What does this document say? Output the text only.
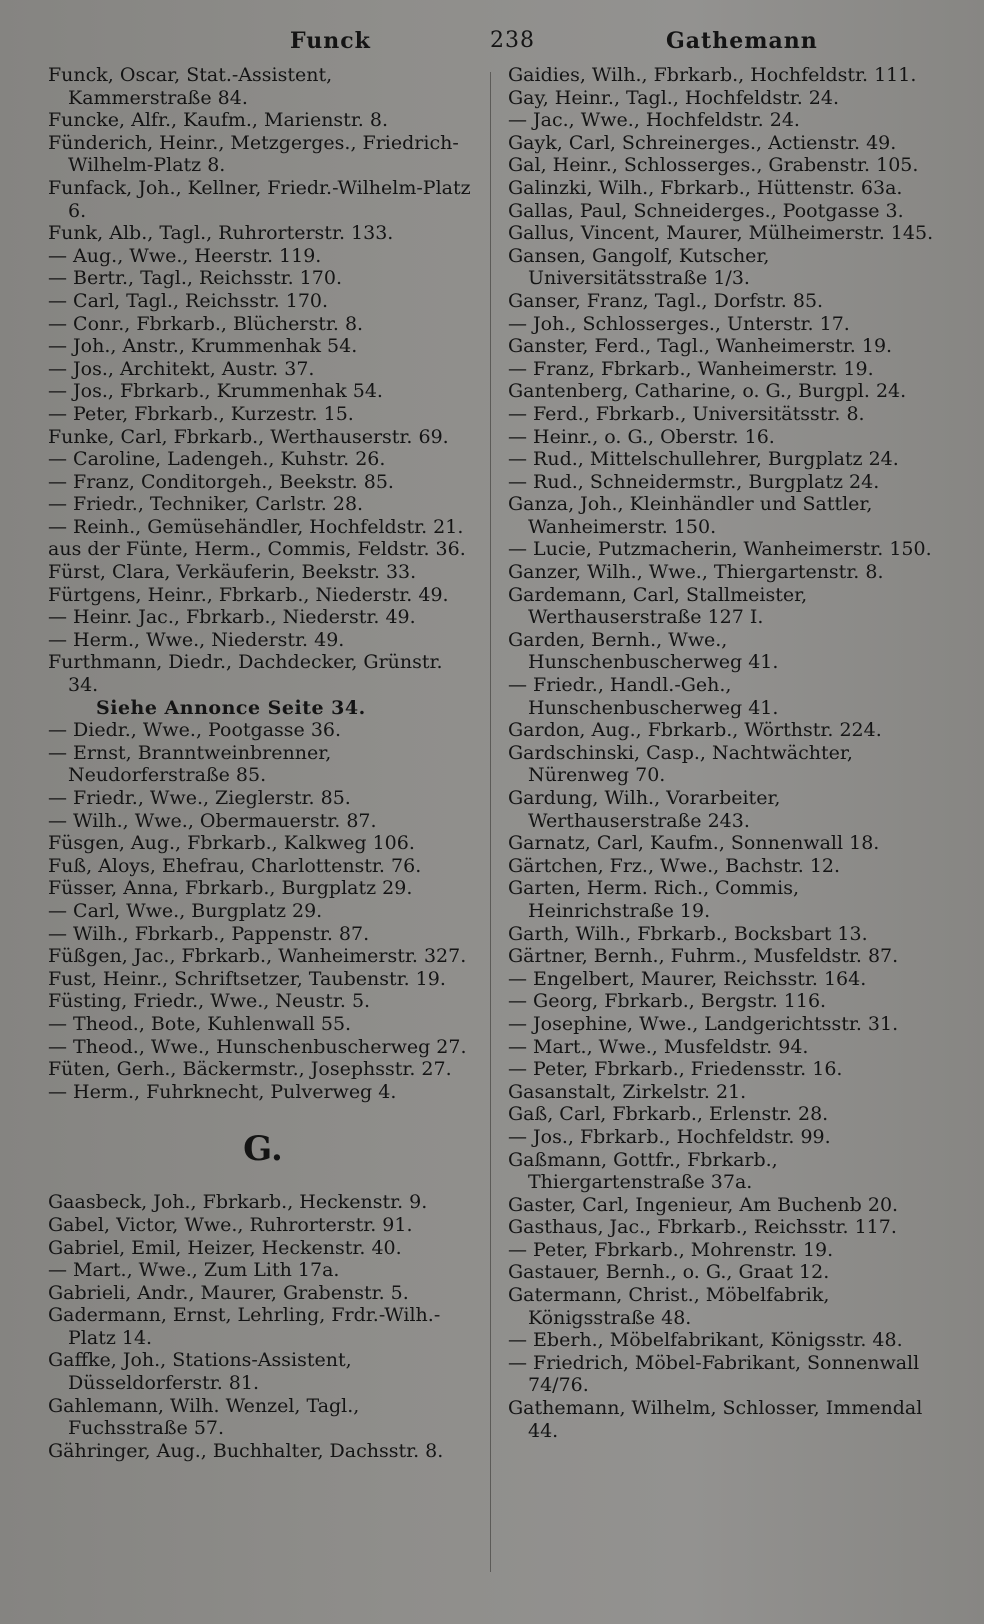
Funck	238	Gathemann

Funck, Oscar, Stat.-Assistent, Kammerstraße 84.

Funcke, Alfr., Kaufm., Marienstr. 8.

Fünderich, Heinr., Metzgerges., Friedrich-Wilhelm-Platz 8.

Funfack, Joh., Kellner, Friedr.-Wilhelm-Platz 6.

Funk, Alb., Tagl., Ruhrorterstr. 133.

— Aug., Wwe., Heerstr. 119.

— Bertr., Tagl., Reichsstr. 170.

— Carl, Tagl., Reichsstr. 170.

— Conr., Fbrkarb., Blücherstr. 8.

— Joh., Anstr., Krummenhak 54.

— Jos., Architekt, Austr. 37.

— Jos., Fbrkarb., Krummenhak 54.

— Peter, Fbrkarb., Kurzestr. 15.

Funke, Carl, Fbrkarb., Werthauserstr. 69.

— Caroline, Ladengeh., Kuhstr. 26.

— Franz, Conditorgeh., Beekstr. 85.

— Friedr., Techniker, Carlstr. 28.

— Reinh., Gemüsehändler, Hochfeldstr. 21.

aus der Fünte, Herm., Commis, Feldstr. 36.

Fürst, Clara, Verkäuferin, Beekstr. 33.

Fürtgens, Heinr., Fbrkarb., Niederstr. 49.

— Heinr. Jac., Fbrkarb., Niederstr. 49.

— Herm., Wwe., Niederstr. 49.

Furthmann, Diedr., Dachdecker, Grünstr. 34.

Siehe Annonce Seite 34.

— Diedr., Wwe., Pootgasse 36.

— Ernst, Branntweinbrenner, Neudorferstraße 85.

— Friedr., Wwe., Zieglerstr. 85.

— Wilh., Wwe., Obermauerstr. 87.

Füsgen, Aug., Fbrkarb., Kalkweg 106.

Fuß, Aloys, Ehefrau, Charlottenstr. 76.

Füsser, Anna, Fbrkarb., Burgplatz 29.

— Carl, Wwe., Burgplatz 29.

— Wilh., Fbrkarb., Pappenstr. 87.

Füßgen, Jac., Fbrkarb., Wanheimerstr. 327.

Fust, Heinr., Schriftsetzer, Taubenstr. 19.

Füsting, Friedr., Wwe., Neustr. 5.

— Theod., Bote, Kuhlenwall 55.

— Theod., Wwe., Hunschenbuscherweg 27.

Füten, Gerh., Bäckermstr., Josephsstr. 27.

— Herm., Fuhrknecht, Pulverweg 4.

G.

Gaasbeck, Joh., Fbrkarb., Heckenstr. 9.

Gabel, Victor, Wwe., Ruhrorterstr. 91.

Gabriel, Emil, Heizer, Heckenstr. 40.

— Mart., Wwe., Zum Lith 17a.

Gabrieli, Andr., Maurer, Grabenstr. 5.

Gadermann, Ernst, Lehrling, Frdr.-Wilh.-Platz 14.

Gaffke, Joh., Stations-Assistent, Düsseldorferstr. 81.

Gahlemann, Wilh. Wenzel, Tagl., Fuchsstraße 57.

Gähringer, Aug., Buchhalter, Dachsstr. 8.

Gaidies, Wilh., Fbrkarb., Hochfeldstr. 111.

Gay, Heinr., Tagl., Hochfeldstr. 24.

— Jac., Wwe., Hochfeldstr. 24.

Gayk, Carl, Schreinerges., Actienstr. 49.

Gal, Heinr., Schlosserges., Grabenstr. 105.

Galinzki, Wilh., Fbrkarb., Hüttenstr. 63a.

Gallas, Paul, Schneiderges., Pootgasse 3.

Gallus, Vincent, Maurer, Mülheimerstr. 145.

Gansen, Gangolf, Kutscher, Universitätsstraße 1/3.

Ganser, Franz, Tagl., Dorfstr. 85.

— Joh., Schlosserges., Unterstr. 17.

Ganster, Ferd., Tagl., Wanheimerstr. 19.

— Franz, Fbrkarb., Wanheimerstr. 19.

Gantenberg, Catharine, o. G., Burgpl. 24.

— Ferd., Fbrkarb., Universitätsstr. 8.

— Heinr., o. G., Oberstr. 16.

— Rud., Mittelschullehrer, Burgplatz 24.

— Rud., Schneidermstr., Burgplatz 24.

Ganza, Joh., Kleinhändler und Sattler, Wanheimerstr. 150.

— Lucie, Putzmacherin, Wanheimerstr. 150.

Ganzer, Wilh., Wwe., Thiergartenstr. 8.

Gardemann, Carl, Stallmeister, Werthauserstraße 127 I.

Garden, Bernh., Wwe., Hunschenbuscherweg 41.

— Friedr., Handl.-Geh., Hunschenbuscherweg 41.

Gardon, Aug., Fbrkarb., Wörthstr. 224.

Gardschinski, Casp., Nachtwächter, Nürenweg 70.

Gardung, Wilh., Vorarbeiter, Werthauserstraße 243.

Garnatz, Carl, Kaufm., Sonnenwall 18.

Gärtchen, Frz., Wwe., Bachstr. 12.

Garten, Herm. Rich., Commis, Heinrichstraße 19.

Garth, Wilh., Fbrkarb., Bocksbart 13.

Gärtner, Bernh., Fuhrm., Musfeldstr. 87.

— Engelbert, Maurer, Reichsstr. 164.

— Georg, Fbrkarb., Bergstr. 116.

— Josephine, Wwe., Landgerichtsstr. 31.

— Mart., Wwe., Musfeldstr. 94.

— Peter, Fbrkarb., Friedensstr. 16.

Gasanstalt, Zirkelstr. 21.

Gaß, Carl, Fbrkarb., Erlenstr. 28.

— Jos., Fbrkarb., Hochfeldstr. 99.

Gaßmann, Gottfr., Fbrkarb., Thiergartenstraße 37a.

Gaster, Carl, Ingenieur, Am Buchenb 20.

Gasthaus, Jac., Fbrkarb., Reichsstr. 117.

— Peter, Fbrkarb., Mohrenstr. 19.

Gastauer, Bernh., o. G., Graat 12.

Gatermann, Christ., Möbelfabrik, Königsstraße 48.

— Eberh., Möbelfabrikant, Königsstr. 48.

— Friedrich, Möbel-Fabrikant, Sonnenwall 74/76.

Gathemann, Wilhelm, Schlosser, Immendal 44.
